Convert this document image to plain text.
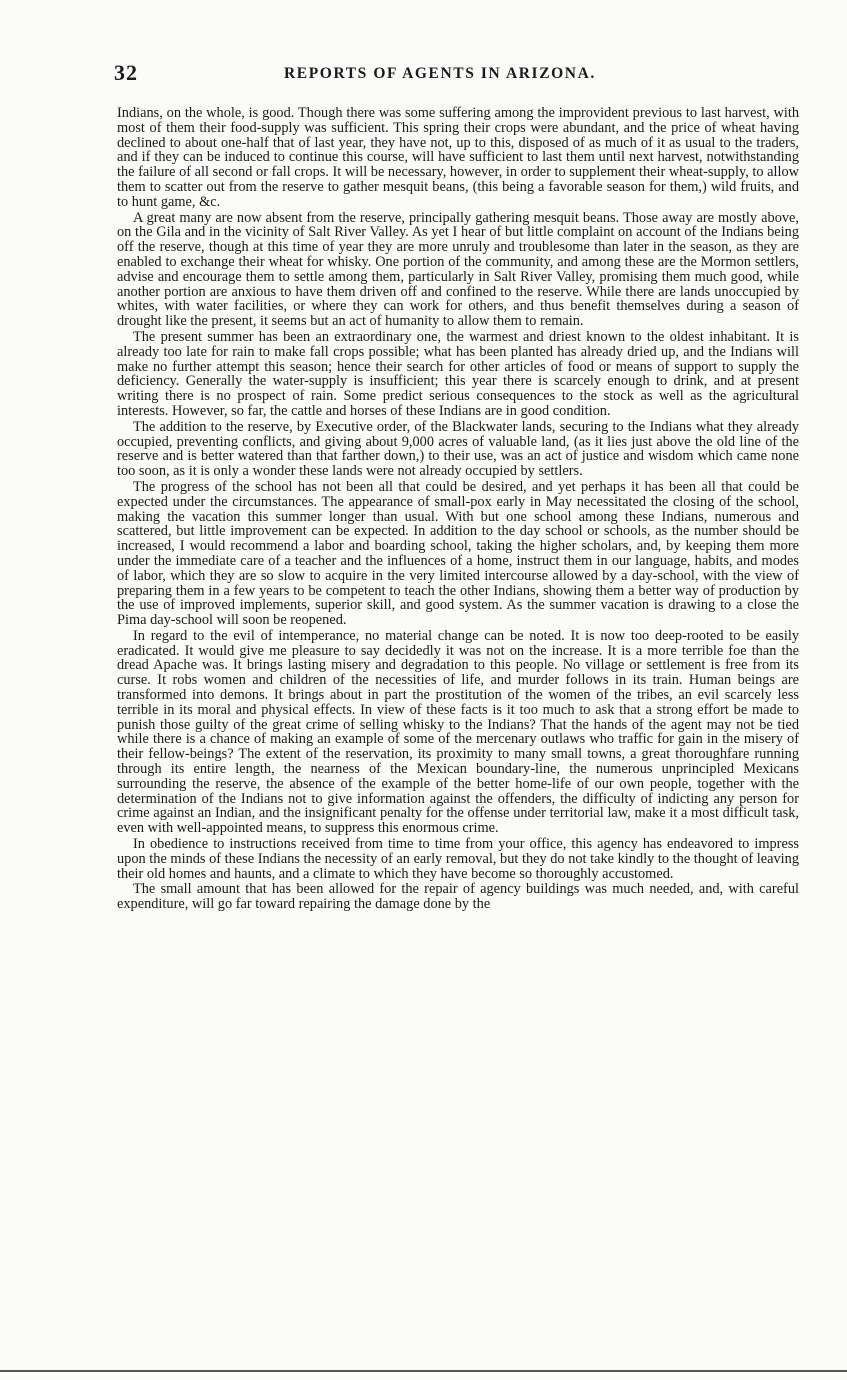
32	REPORTS OF AGENTS IN ARIZONA.

Indians, on the whole, is good. Though there was some suffering among the improvident previous to last harvest, with most of them their food-supply was sufficient. This spring their crops were abundant, and the price of wheat having declined to about one-half that of last year, they have not, up to this, disposed of as much of it as usual to the traders, and if they can be induced to continue this course, will have sufficient to last them until next harvest, notwithstanding the failure of all second or fall crops. It will be necessary, however, in order to supplement their wheat-supply, to allow them to scatter out from the reserve to gather mesquit beans, (this being a favorable season for them,) wild fruits, and to hunt game, &c.

A great many are now absent from the reserve, principally gathering mesquit beans. Those away are mostly above, on the Gila and in the vicinity of Salt River Valley. As yet I hear of but little complaint on account of the Indians being off the reserve, though at this time of year they are more unruly and troublesome than later in the season, as they are enabled to exchange their wheat for whisky. One portion of the community, and among these are the Mormon settlers, advise and encourage them to settle among them, particularly in Salt River Valley, promising them much good, while another portion are anxious to have them driven off and confined to the reserve. While there are lands unoccupied by whites, with water facilities, or where they can work for others, and thus benefit themselves during a season of drought like the present, it seems but an act of humanity to allow them to remain.

The present summer has been an extraordinary one, the warmest and driest known to the oldest inhabitant. It is already too late for rain to make fall crops possible; what has been planted has already dried up, and the Indians will make no further attempt this season; hence their search for other articles of food or means of support to supply the deficiency. Generally the water-supply is insufficient; this year there is scarcely enough to drink, and at present writing there is no prospect of rain. Some predict serious consequences to the stock as well as the agricultural interests. However, so far, the cattle and horses of these Indians are in good condition.

The addition to the reserve, by Executive order, of the Blackwater lands, securing to the Indians what they already occupied, preventing conflicts, and giving about 9,000 acres of valuable land, (as it lies just above the old line of the reserve and is better watered than that farther down,) to their use, was an act of justice and wisdom which came none too soon, as it is only a wonder these lands were not already occupied by settlers.

The progress of the school has not been all that could be desired, and yet perhaps it has been all that could be expected under the circumstances. The appearance of small-pox early in May necessitated the closing of the school, making the vacation this summer longer than usual. With but one school among these Indians, numerous and scattered, but little improvement can be expected. In addition to the day school or schools, as the number should be increased, I would recommend a labor and boarding school, taking the higher scholars, and, by keeping them more under the immediate care of a teacher and the influences of a home, instruct them in our language, habits, and modes of labor, which they are so slow to acquire in the very limited intercourse allowed by a day-school, with the view of preparing them in a few years to be competent to teach the other Indians, showing them a better way of production by the use of improved implements, superior skill, and good system. As the summer vacation is drawing to a close the Pima day-school will soon be reopened.

In regard to the evil of intemperance, no material change can be noted. It is now too deep-rooted to be easily eradicated. It would give me pleasure to say decidedly it was not on the increase. It is a more terrible foe than the dread Apache was. It brings lasting misery and degradation to this people. No village or settlement is free from its curse. It robs women and children of the necessities of life, and murder follows in its train. Human beings are transformed into demons. It brings about in part the prostitution of the women of the tribes, an evil scarcely less terrible in its moral and physical effects. In view of these facts is it too much to ask that a strong effort be made to punish those guilty of the great crime of selling whisky to the Indians? That the hands of the agent may not be tied while there is a chance of making an example of some of the mercenary outlaws who traffic for gain in the misery of their fellow-beings? The extent of the reservation, its proximity to many small towns, a great thoroughfare running through its entire length, the nearness of the Mexican boundary-line, the numerous unprincipled Mexicans surrounding the reserve, the absence of the example of the better home-life of our own people, together with the determination of the Indians not to give information against the offenders, the difficulty of indicting any person for crime against an Indian, and the insignificant penalty for the offense under territorial law, make it a most difficult task, even with well-appointed means, to suppress this enormous crime.

In obedience to instructions received from time to time from your office, this agency has endeavored to impress upon the minds of these Indians the necessity of an early removal, but they do not take kindly to the thought of leaving their old homes and haunts, and a climate to which they have become so thoroughly accustomed.

The small amount that has been allowed for the repair of agency buildings was much needed, and, with careful expenditure, will go far toward repairing the damage done by the
